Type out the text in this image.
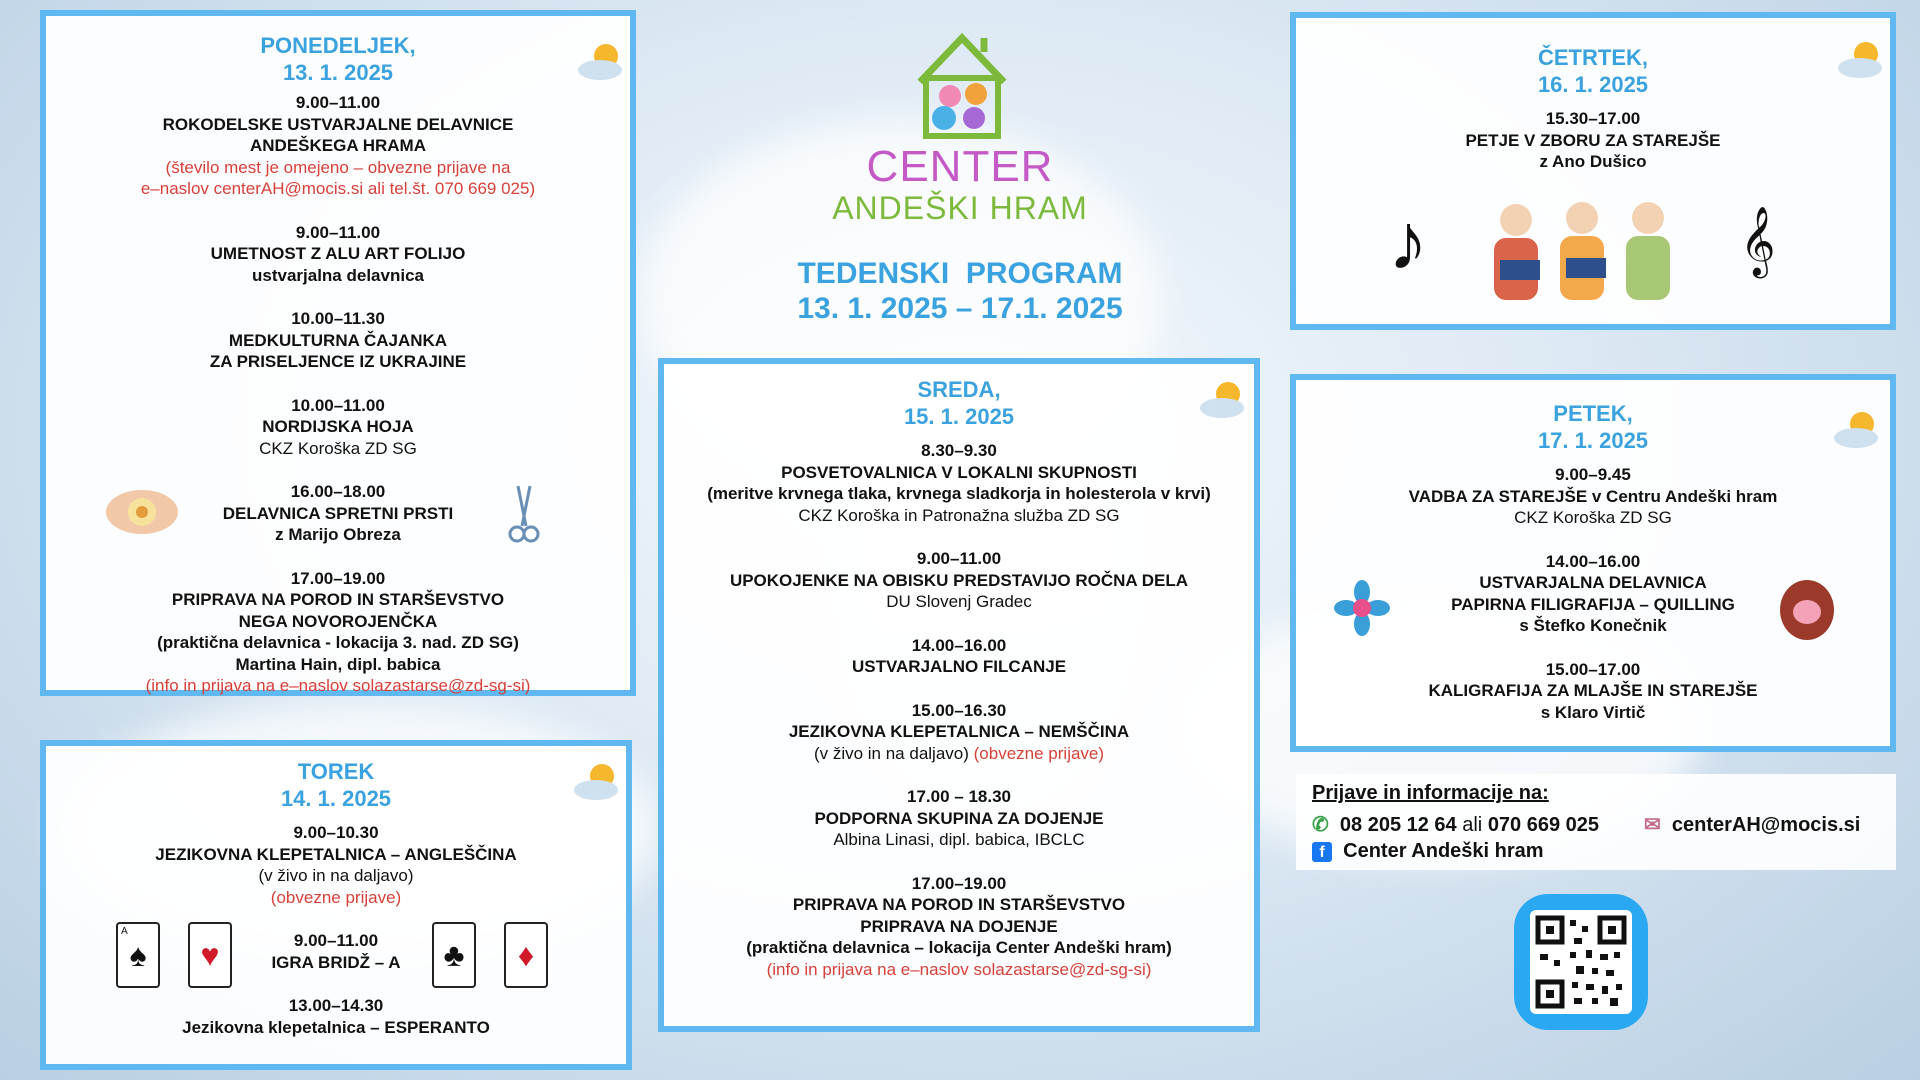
CENTER
ANDEŠKI HRAM
TEDENSKI  PROGRAM
13. 1. 2025 – 17.1. 2025
PONEDELJEK,
13. 1. 2025
9.00–11.00
ROKODELSKE USTVARJALNE DELAVNICE
ANDEŠKEGA HRAMA
(število mest je omejeno – obvezne prijave na
e–naslov centerAH@mocis.si ali tel.št. 070 669 025)
9.00–11.00
UMETNOST Z ALU ART FOLIJO
ustvarjalna delavnica
10.00–11.30
MEDKULTURNA ČAJANKA
ZA PRISELJENCE IZ UKRAJINE
10.00–11.00
NORDIJSKA HOJA
CKZ Koroška ZD SG
16.00–18.00
DELAVNICA SPRETNI PRSTI
z Marijo Obreza
17.00–19.00
PRIPRAVA NA POROD IN STARŠEVSTVO
NEGA NOVOROJENČKA
(praktična delavnica - lokacija 3. nad. ZD SG)
Martina Hain, dipl. babica
(info in prijava na e–naslov solazastarse@zd-sg-si)
TOREK
14. 1. 2025
9.00–10.30
JEZIKOVNA KLEPETALNICA – ANGLEŠČINA
(v živo in na daljavo)
(obvezne prijave)
9.00–11.00
IGRA BRIDŽ – A
13.00–14.30
Jezikovna klepetalnica – ESPERANTO
A
♠	♥	♣	♦
SREDA,
15. 1. 2025
8.30–9.30
POSVETOVALNICA V LOKALNI SKUPNOSTI
(meritve krvnega tlaka, krvnega sladkorja in holesterola v krvi)
CKZ Koroška in Patronažna služba ZD SG
9.00–11.00
UPOKOJENKE NA OBISKU PREDSTAVIJO ROČNA DELA
DU Slovenj Gradec
14.00–16.00
USTVARJALNO FILCANJE
15.00–16.30
JEZIKOVNA KLEPETALNICA – NEMŠČINA
(v živo in na daljavo) (obvezne prijave)
17.00 – 18.30
PODPORNA SKUPINA ZA DOJENJE
Albina Linasi, dipl. babica, IBCLC
17.00–19.00
PRIPRAVA NA POROD IN STARŠEVSTVO
PRIPRAVA NA DOJENJE
(praktična delavnica – lokacija Center Andeški hram)
(info in prijava na e–naslov solazastarse@zd-sg-si)
ČETRTEK,
16. 1. 2025
15.30–17.00
PETJE V ZBORU ZA STAREJŠE
z Ano Dušico
♪	𝄞
PETEK,
17. 1. 2025
9.00–9.45
VADBA ZA STAREJŠE v Centru Andeški hram
CKZ Koroška ZD SG
14.00–16.00
USTVARJALNA DELAVNICA
PAPIRNA FILIGRAFIJA – QUILLING
s Štefko Konečnik
15.00–17.00
KALIGRAFIJA ZA MLAJŠE IN STAREJŠE
s Klaro Virtič
Prijave in informacije na:
✆ 08 205 12 64 ali 070 669 025
f Center Andeški hram
✉ centerAH@mocis.si
